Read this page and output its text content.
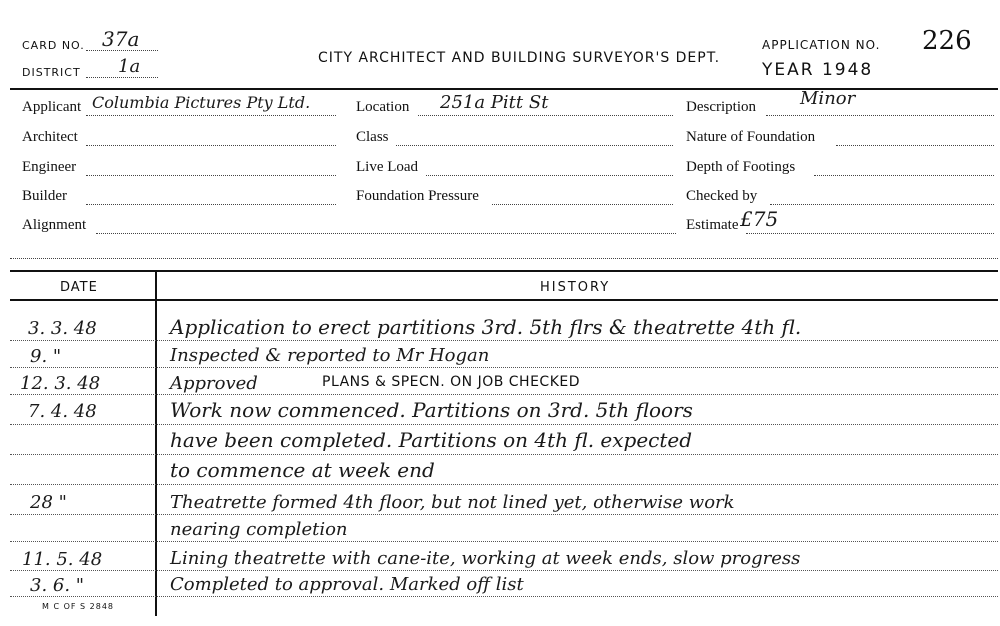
CARD NO. 37a
DISTRICT 1a	CITY ARCHITECT AND BUILDING SURVEYOR'S DEPT.
APPLICATION NO. 226
YEAR 1948
Applicant Columbia Pictures Pty Ltd.
Architect
Engineer
Builder
Alignment
Location 251a Pitt St
Class
Live Load
Foundation Pressure
Description Minor
Nature of Foundation
Depth of Footings
Checked by
Estimate £75
DATE	HISTORY
PLANS & SPECN. ON JOB CHECKED
3. 3. 48	Application to erect partitions 3rd. 5th flrs & theatrette 4th fl.
9. "	Inspected & reported to Mr Hogan
12. 3. 48	Approved
7. 4. 48	Work now commenced. Partitions on 3rd. 5th floors
have been completed. Partitions on 4th fl. expected
to commence at week end
28 "	Theatrette formed 4th floor, but not lined yet, otherwise work
nearing completion
11. 5. 48	Lining theatrette with cane-ite, working at week ends, slow progress
3. 6. "	Completed to approval. Marked off list
M C OF S 2848
